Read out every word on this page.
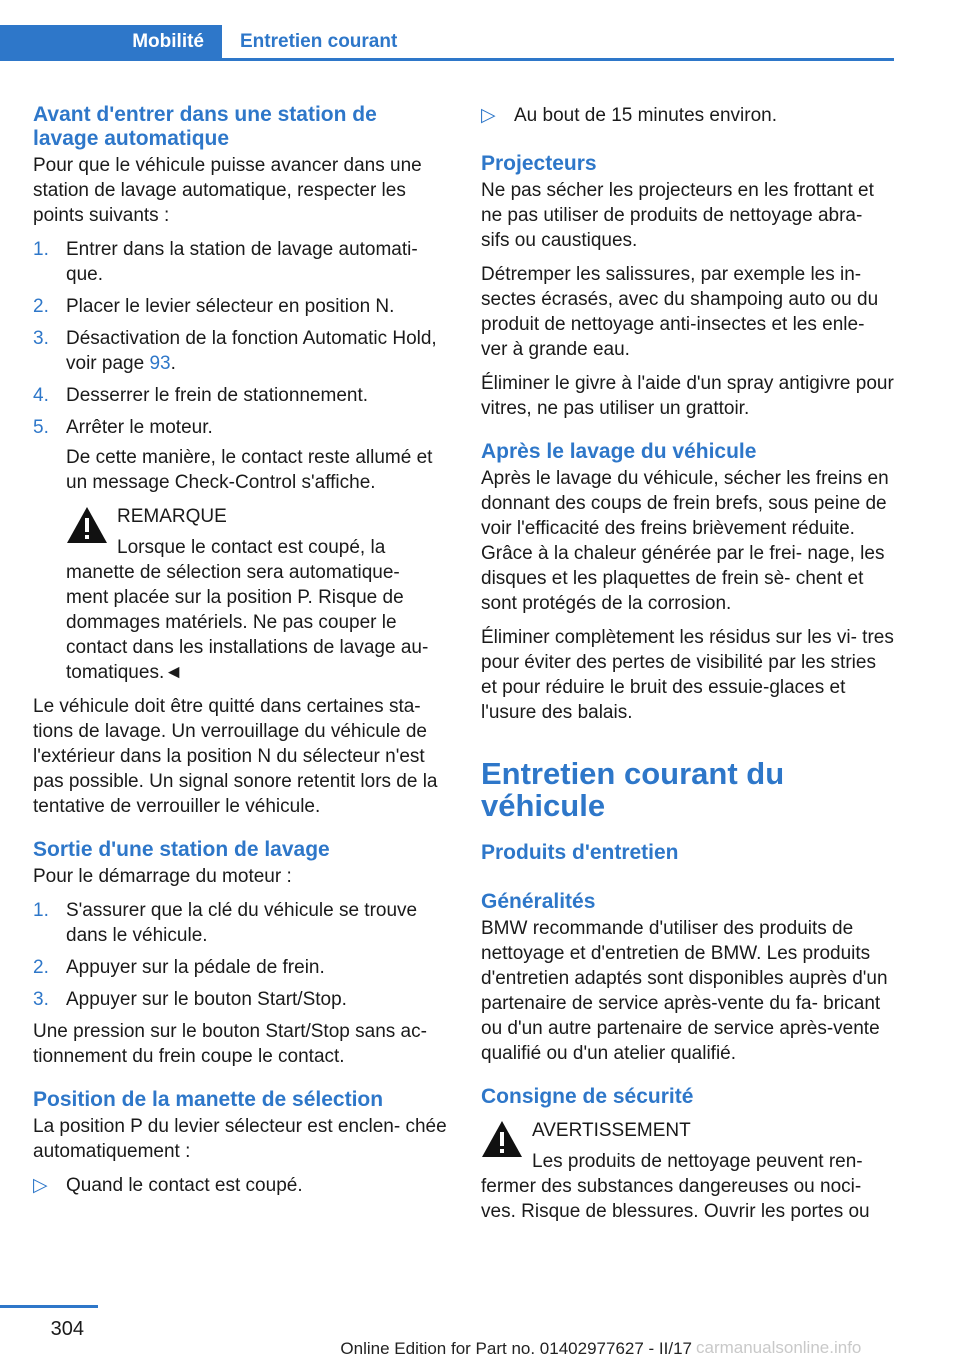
Mobilité	Entretien courant
Avant d'entrer dans une station de lavage automatique

Pour que le véhicule puisse avancer dans une station de lavage automatique, respecter les points suivants :

1. Entrer dans la station de lavage automati‐ que.
2. Placer le levier sélecteur en position N.
3. Désactivation de la fonction Automatic Hold, voir page 93.
4. Desserrer le frein de stationnement.
5. Arrêter le moteur.

De cette manière, le contact reste allumé et un message Check-Control s'affiche.

REMARQUE
Lorsque le contact est coupé, la

manette de sélection sera automatique‐ ment placée sur la position P. Risque de dommages matériels. Ne pas couper le contact dans les installations de lavage au‐ tomatiques.◄

Le véhicule doit être quitté dans certaines sta‐ tions de lavage. Un verrouillage du véhicule de l'extérieur dans la position N du sélecteur n'est pas possible. Un signal sonore retentit lors de la tentative de verrouiller le véhicule.

Sortie d'une station de lavage

Pour le démarrage du moteur :

1. S'assurer que la clé du véhicule se trouve dans le véhicule.
2. Appuyer sur la pédale de frein.
3. Appuyer sur le bouton Start/Stop.

Une pression sur le bouton Start/Stop sans ac‐ tionnement du frein coupe le contact.

Position de la manette de sélection

La position P du levier sélecteur est enclen‐ chée automatiquement :

▷ Quand le contact est coupé.
▷ Au bout de 15 minutes environ.
Projecteurs

Ne pas sécher les projecteurs en les frottant et ne pas utiliser de produits de nettoyage abra‐ sifs ou caustiques.

Détremper les salissures, par exemple les in‐ sectes écrasés, avec du shampoing auto ou du produit de nettoyage anti-insectes et les enle‐ ver à grande eau.

Éliminer le givre à l'aide d'un spray antigivre pour vitres, ne pas utiliser un grattoir.

Après le lavage du véhicule

Après le lavage du véhicule, sécher les freins en donnant des coups de frein brefs, sous peine de voir l'efficacité des freins brièvement réduite. Grâce à la chaleur générée par le frei‐ nage, les disques et les plaquettes de frein sè‐ chent et sont protégés de la corrosion.

Éliminer complètement les résidus sur les vi‐ tres pour éviter des pertes de visibilité par les stries et pour réduire le bruit des essuie-glaces et l'usure des balais.

Entretien courant du véhicule
Produits d'entretien
Généralités

BMW recommande d'utiliser des produits de nettoyage et d'entretien de BMW. Les produits d'entretien adaptés sont disponibles auprès d'un partenaire de service après-vente du fa‐ bricant ou d'un autre partenaire de service après-vente qualifié ou d'un atelier qualifié.

Consigne de sécurité
AVERTISSEMENT
Les produits de nettoyage peuvent ren‐

fermer des substances dangereuses ou noci‐ ves. Risque de blessures. Ouvrir les portes ou

304
Online Edition for Part no. 01402977627 - II/17 carmanualsonline.info
